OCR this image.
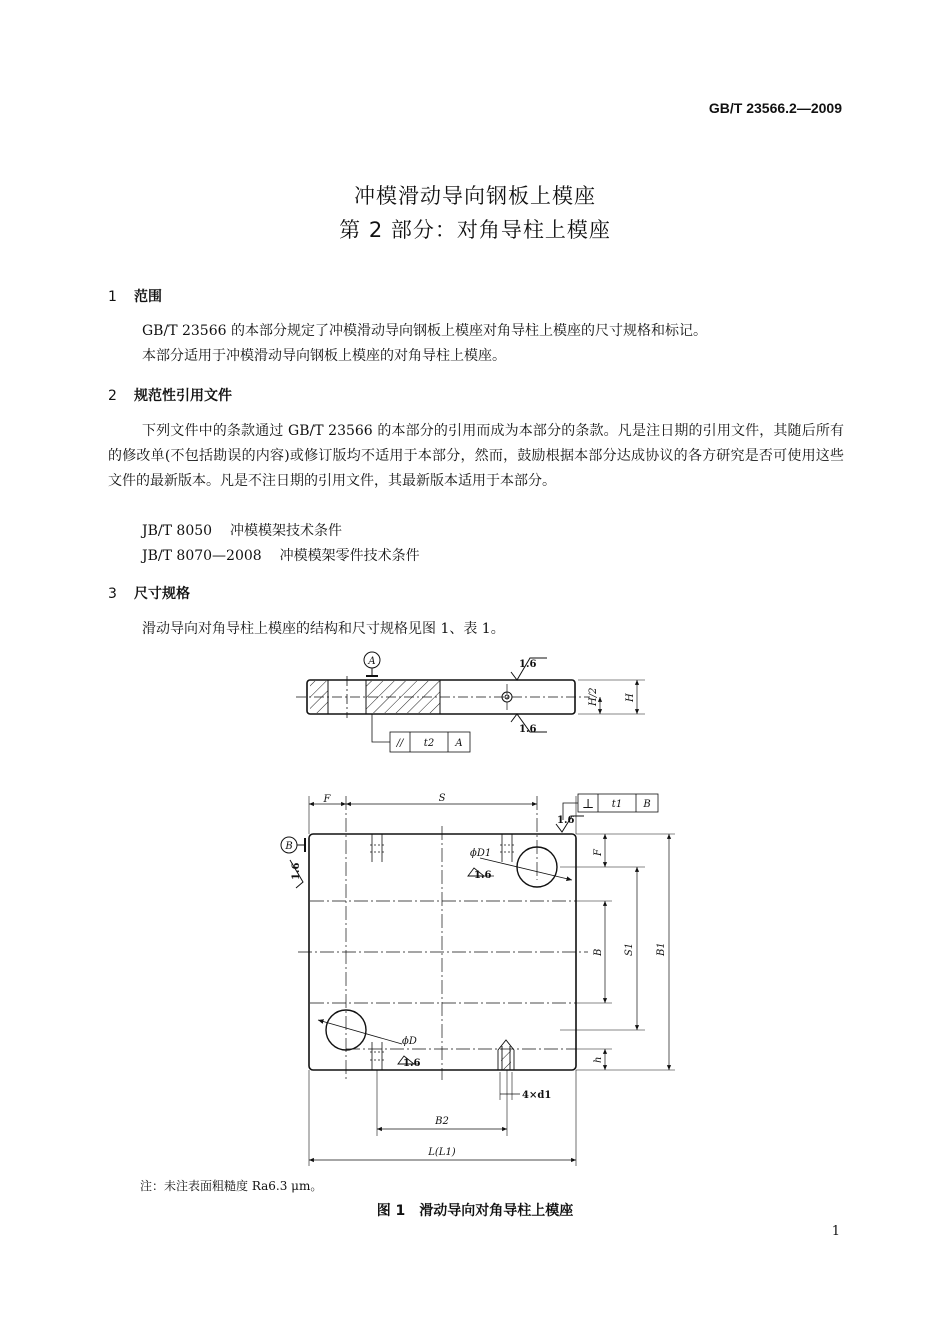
GB/T 23566.2—2009
冲模滑动导向钢板上模座
第 2 部分：对角导柱上模座
1 范围

GB/T 23566 的本部分规定了冲模滑动导向钢板上模座对角导柱上模座的尺寸规格和标记。

本部分适用于冲模滑动导向钢板上模座的对角导柱上模座。

2 规范性引用文件

下列文件中的条款通过 GB/T 23566 的本部分的引用而成为本部分的条款。凡是注日期的引用文件，其随后所有的修改单(不包括勘误的内容)或修订版均不适用于本部分，然而，鼓励根据本部分达成协议的各方研究是否可使用这些文件的最新版本。凡是不注日期的引用文件，其最新版本适用于本部分。

JB/T 8050 冲模模架技术条件
JB/T 8070—2008 冲模模架零件技术条件
3 尺寸规格

滑动导向对角导柱上模座的结构和尺寸规格见图 1、表 1。

A	1.6
1.6
H/2	H
// t2 A
F	S	⊥ t1 B
1.6
B
1.6
ϕD1
1.6
ϕD
1.6
F
B S1 B1
h
4×d1
B2
L(L1)
注：未注表面粗糙度 Ra6.3 μm。
图 1　滑动导向对角导柱上模座
1
